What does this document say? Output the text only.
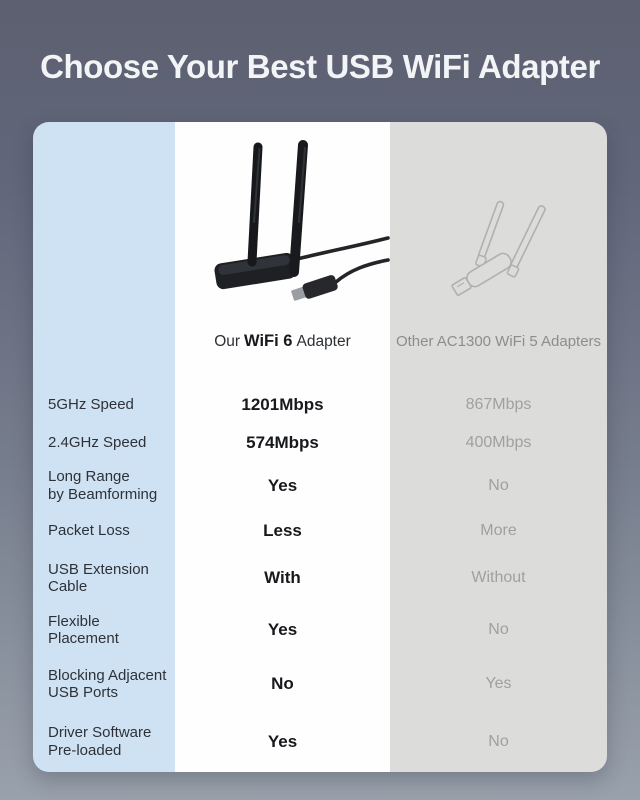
Choose Your Best USB WiFi Adapter
Our WiFi 6 Adapter	Other AC1300 WiFi 5 Adapters
5GHz Speed	1201Mbps	867Mbps
2.4GHz Speed	574Mbps	400Mbps
Long Range
by Beamforming	Yes	No
Packet Loss	Less	More
USB Extension
Cable	With	Without
Flexible
Placement	Yes	No
Blocking Adjacent
USB Ports	No	Yes
Driver Software
Pre-loaded	Yes	No
